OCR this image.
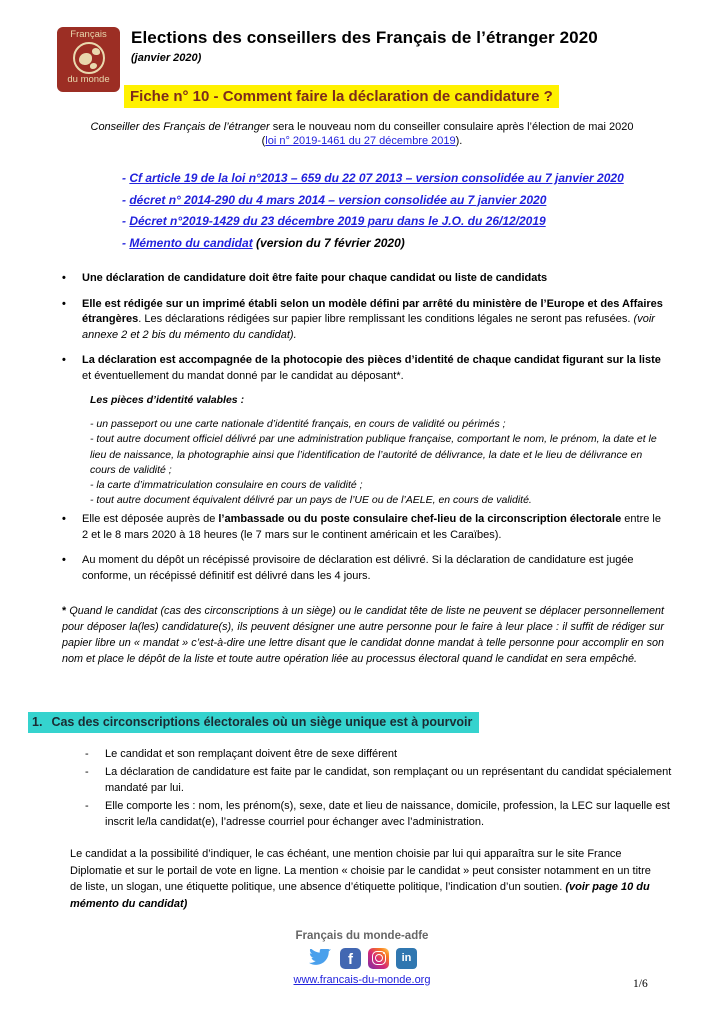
Français
du monde
Elections des conseillers des Français de l’étranger 2020
(janvier 2020)
Fiche n° 10 - Comment faire la déclaration de candidature ?
Conseiller des Français de l’étranger sera le nouveau nom du conseiller consulaire après l’élection de mai 2020
(loi n° 2019-1461 du 27 décembre 2019).
- Cf article 19 de la loi n°2013 – 659 du 22 07 2013 – version consolidée au 7 janvier 2020
- décret n° 2014-290 du 4 mars 2014 – version consolidée au 7 janvier 2020
- Décret n°2019-1429 du 23 décembre 2019 paru dans le J.O. du 26/12/2019
- Mémento du candidat (version du 7 février 2020)
•	Une déclaration de candidature doit être faite pour chaque candidat ou liste de candidats
•	Elle est rédigée sur un imprimé établi selon un modèle défini par arrêté du ministère de l’Europe et des Affaires étrangères. Les déclarations rédigées sur papier libre remplissant les conditions légales ne seront pas refusées. (voir annexe 2 et 2 bis du mémento du candidat).
•	La déclaration est accompagnée de la photocopie des pièces d’identité de chaque candidat figurant sur la liste et éventuellement du mandat donné par le candidat au déposant*.
Les pièces d’identité valables :
- un passeport ou une carte nationale d’identité français, en cours de validité ou périmés ;
- tout autre document officiel délivré par une administration publique française, comportant le nom, le prénom, la date et le lieu de naissance, la photographie ainsi que l’identification de l’autorité de délivrance, la date et le lieu de délivrance en cours de validité ;
- la carte d’immatriculation consulaire en cours de validité ;
- tout autre document équivalent délivré par un pays de l’UE ou de l’AELE, en cours de validité.
•	Elle est déposée auprès de l’ambassade ou du poste consulaire chef-lieu de la circonscription électorale entre le 2 et le 8 mars 2020 à 18 heures (le 7 mars sur le continent américain et les Caraïbes).
•	Au moment du dépôt un récépissé provisoire de déclaration est délivré. Si la déclaration de candidature est jugée conforme, un récépissé définitif est délivré dans les 4 jours.
* Quand le candidat (cas des circonscriptions à un siège) ou le candidat tête de liste ne peuvent se déplacer personnellement pour déposer la(les) candidature(s), ils peuvent désigner une autre personne pour le faire à leur place : il suffit de rédiger sur papier libre un « mandat » c’est-à-dire une lettre disant que le candidat donne mandat à telle personne pour accomplir en son nom et place le dépôt de la liste et toute autre opération liée au processus électoral quand le candidat en sera empêché.
1. Cas des circonscriptions électorales où un siège unique est à pourvoir
-	Le candidat et son remplaçant doivent être de sexe différent
-	La déclaration de candidature est faite par le candidat, son remplaçant ou un représentant du candidat spécialement mandaté par lui.
-	Elle comporte les : nom, les prénom(s), sexe, date et lieu de naissance, domicile, profession, la LEC sur laquelle est inscrit le/la candidat(e), l’adresse courriel pour échanger avec l’administration.
Le candidat a la possibilité d’indiquer, le cas échéant, une mention choisie par lui qui apparaîtra sur le site France Diplomatie et sur le portail de vote en ligne. La mention « choisie par le candidat » peut consister notamment en un titre de liste, un slogan, une étiquette politique, une absence d’étiquette politique, l’indication d’un soutien. (voir page 10 du mémento du candidat)
Français du monde-adfe
f	in
www.francais-du-monde.org	1/6
